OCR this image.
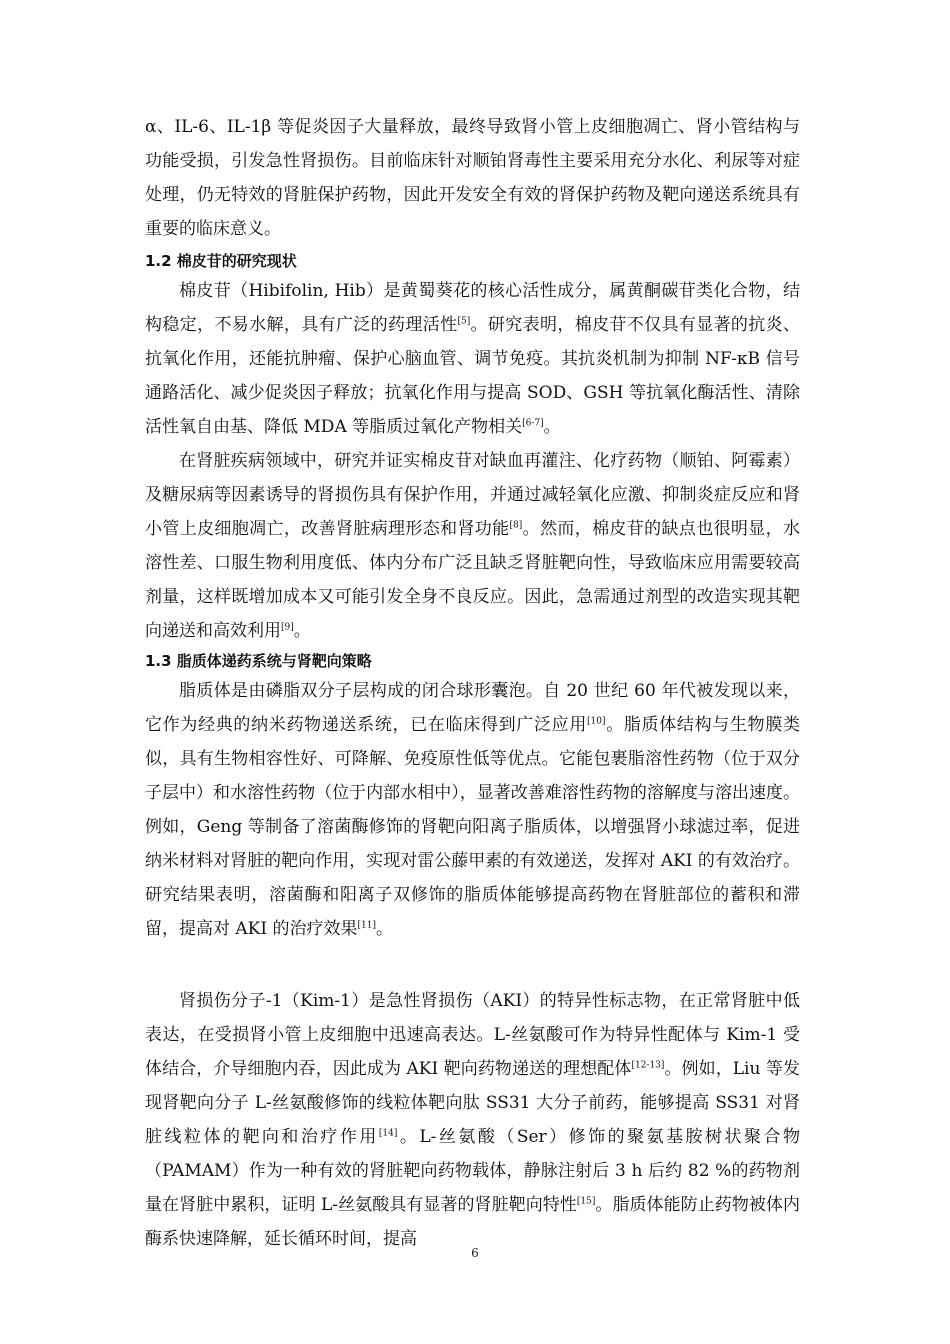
α、IL-6、IL-1β 等促炎因子大量释放，最终导致肾小管上皮细胞凋亡、肾小管结构与功能受损，引发急性肾损伤。目前临床针对顺铂肾毒性主要采用充分水化、利尿等对症处理，仍无特效的肾脏保护药物，因此开发安全有效的肾保护药物及靶向递送系统具有重要的临床意义。

1.2 棉皮苷的研究现状

棉皮苷（Hibifolin, Hib）是黄蜀葵花的核心活性成分，属黄酮碳苷类化合物，结构稳定，不易水解，具有广泛的药理活性[5]。研究表明，棉皮苷不仅具有显著的抗炎、抗氧化作用，还能抗肿瘤、保护心脑血管、调节免疫。其抗炎机制为抑制 NF-κB 信号通路活化、减少促炎因子释放；抗氧化作用与提高 SOD、GSH 等抗氧化酶活性、清除活性氧自由基、降低 MDA 等脂质过氧化产物相关[6-7]。

在肾脏疾病领域中，研究并证实棉皮苷对缺血再灌注、化疗药物（顺铂、阿霉素）及糖尿病等因素诱导的肾损伤具有保护作用，并通过减轻氧化应激、抑制炎症反应和肾小管上皮细胞凋亡，改善肾脏病理形态和肾功能[8]。然而，棉皮苷的缺点也很明显，水溶性差、口服生物利用度低、体内分布广泛且缺乏肾脏靶向性，导致临床应用需要较高剂量，这样既增加成本又可能引发全身不良反应。因此，急需通过剂型的改造实现其靶向递送和高效利用[9]。

1.3 脂质体递药系统与肾靶向策略

脂质体是由磷脂双分子层构成的闭合球形囊泡。自 20 世纪 60 年代被发现以来，它作为经典的纳米药物递送系统，已在临床得到广泛应用[10]。脂质体结构与生物膜类似，具有生物相容性好、可降解、免疫原性低等优点。它能包裹脂溶性药物（位于双分子层中）和水溶性药物（位于内部水相中），显著改善难溶性药物的溶解度与溶出速度。例如，Geng 等制备了溶菌酶修饰的肾靶向阳离子脂质体，以增强肾小球滤过率，促进纳米材料对肾脏的靶向作用，实现对雷公藤甲素的有效递送，发挥对 AKI 的有效治疗。研究结果表明，溶菌酶和阳离子双修饰的脂质体能够提高药物在肾脏部位的蓄积和滞留，提高对 AKI 的治疗效果[11]。

肾损伤分子-1（Kim-1）是急性肾损伤（AKI）的特异性标志物，在正常肾脏中低表达，在受损肾小管上皮细胞中迅速高表达。L-丝氨酸可作为特异性配体与 Kim-1 受体结合，介导细胞内吞，因此成为 AKI 靶向药物递送的理想配体[12-13]。例如，Liu 等发现肾靶向分子 L-丝氨酸修饰的线粒体靶向肽 SS31 大分子前药，能够提高 SS31 对肾脏线粒体的靶向和治疗作用[14]。L-丝氨酸（Ser）修饰的聚氨基胺树状聚合物（PAMAM）作为一种有效的肾脏靶向药物载体，静脉注射后 3 h 后约 82 %的药物剂量在肾脏中累积，证明 L-丝氨酸具有显著的肾脏靶向特性[15]。脂质体能防止药物被体内酶系快速降解，延长循环时间，提高

6
